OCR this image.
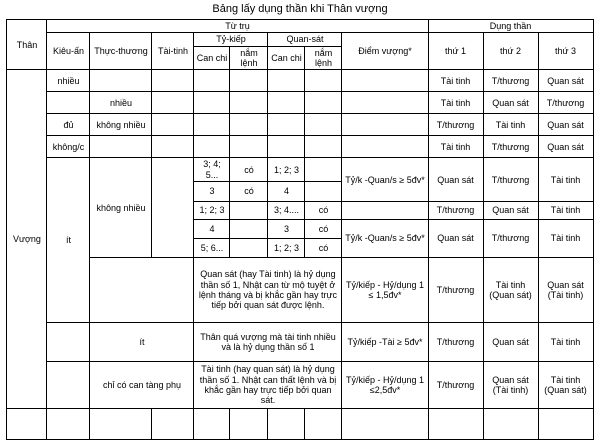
Bảng lấy dụng thần khi Thân vượng
Thân	Từ trụ								Dụng thần		
	Kiêu-ấn	Thực-thương	Tài-tinh	Tỷ-kiếp		Quan-sát		Điểm vượng*	thứ 1	thứ 2	thứ 3
				Can chi	nắm lệnh	Can chi	nắm lệnh				
Vượng	nhiều								Tài tinh	T/thương	Quan sát
		nhiều							Tài tinh	Quan sát	T/thương
	đủ	không nhiều							T/thương	Tài tinh	Quan sát
	không/c								Tài tinh	T/thương	Quan sát
	ít	không nhiều		3; 4; 5...	có	1; 2; 3		Tỷ/k -Quan/s ≥ 5đv*	Quan sát	T/thương	Tài tinh
				3	có	4					
				1; 2; 3		3; 4....	có		T/thương	Quan sát	Tài tinh
				4		3	có	Tỷ/k -Quan/s ≥ 5đv*	Quan sát	T/thương	Tài tinh
				5; 6...		1; 2; 3	có				
				Quan sát (hay Tài tinh) là hỷ dụng thần số 1, Nhật can từ mộ tuyệt ở lệnh tháng và bị khắc gần hay trực tiếp bởi quan sát được lệnh.				Tỷ/kiếp - Hỷ/dụng 1 ≤ 1,5đv*	T/thương	Tài tinh (Quan sát)	Quan sát (Tài tinh)
		ít		Thân quá vượng mà tài tinh nhiều và là hỷ dụng thần số 1				Tỷ/kiếp -Tài ≥ 5đv*	T/thương	Quan sát	Tài tinh
		chỉ có can tàng phụ		Tài tinh (hay quan sát) là hỷ dụng thần số 1. Nhật can thất lệnh và bị khắc gần hay trực tiếp bởi quan sát.				Tỷ/kiếp - Hỷ/dụng 1 ≤2,5đv*	T/thương	Quan sát (Tài tinh)	Tài tinh (Quan sát)
